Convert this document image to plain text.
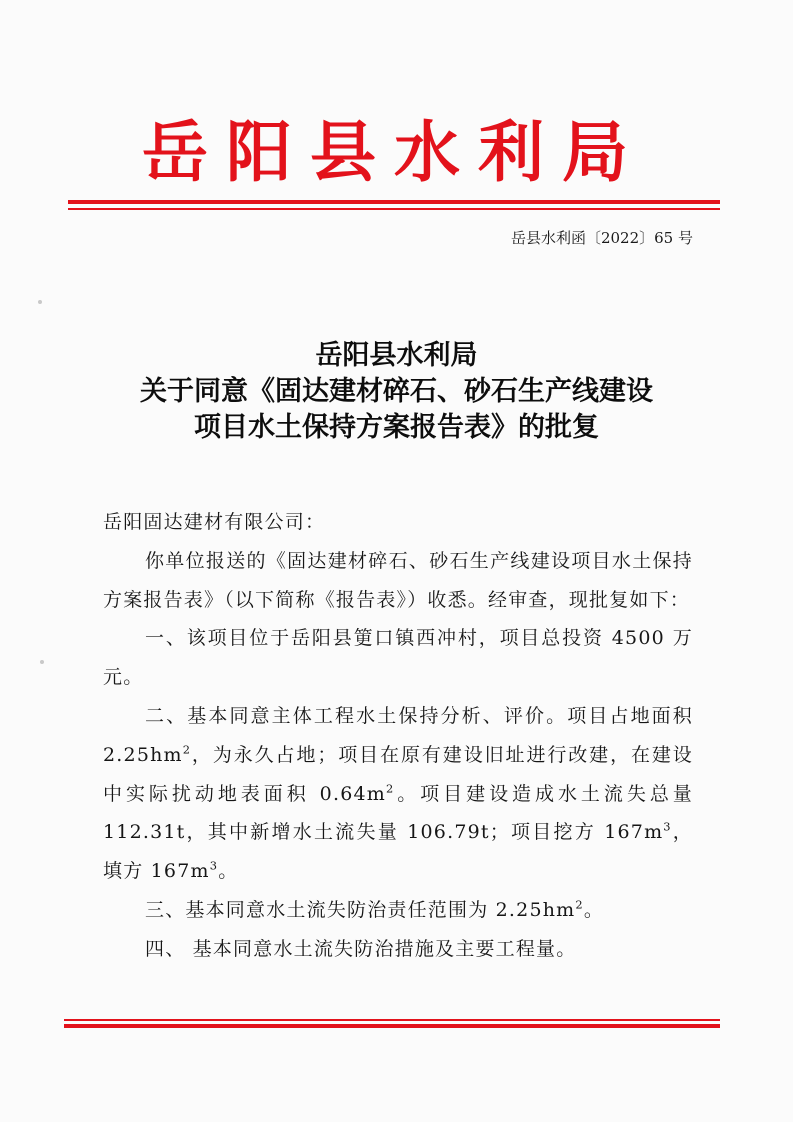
岳阳县水利局
岳县水利函〔2022〕65 号
岳阳县水利局
关于同意《固达建材碎石、砂石生产线建设
项目水土保持方案报告表》的批复

岳阳固达建材有限公司：

你单位报送的《固达建材碎石、砂石生产线建设项目水土保持方案报告表》（以下简称《报告表》）收悉。经审查，现批复如下：

一、该项目位于岳阳县筻口镇西冲村，项目总投资 4500 万元。

二、基本同意主体工程水土保持分析、评价。项目占地面积 $2.25hm^2$，为永久占地；项目在原有建设旧址进行改建，在建设中实际扰动地表面积 $0.64m^2$。项目建设造成水土流失总量 112.31t，其中新增水土流失量 106.79t；项目挖方 $167m^3$，填方 $167m^3$。

三、基本同意水土流失防治责任范围为 $2.25hm^2$。

四、 基本同意水土流失防治措施及主要工程量。
